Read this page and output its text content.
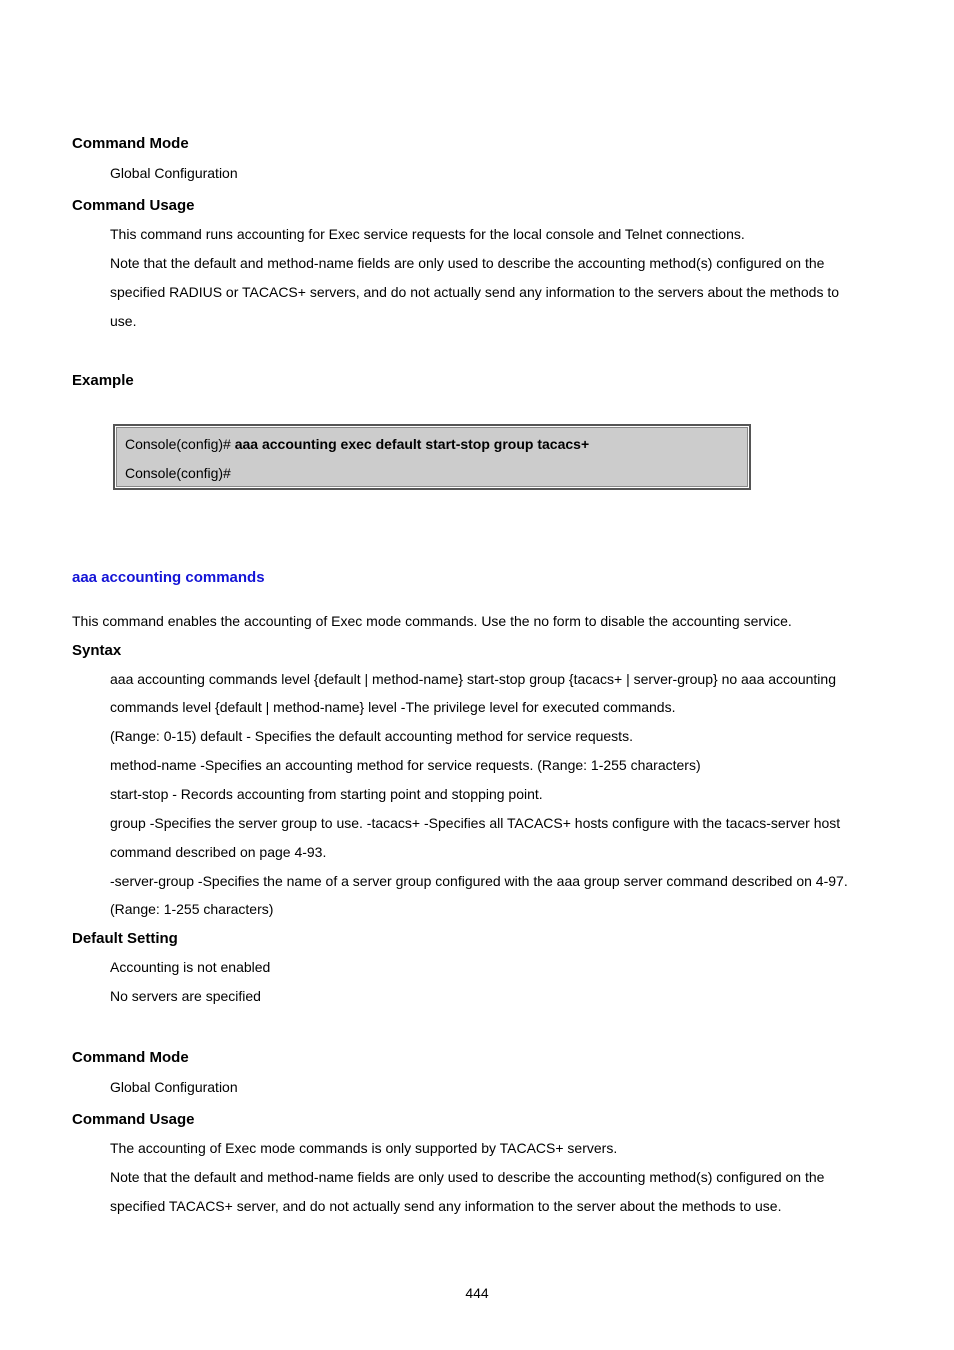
Command Mode
Global Configuration
Command Usage
This command runs accounting for Exec service requests for the local console and Telnet connections.
Note that the default and method-name fields are only used to describe the accounting method(s) configured on the
specified RADIUS or TACACS+ servers, and do not actually send any information to the servers about the methods to
use.
Example
Console(config)# aaa accounting exec default start-stop group tacacs+
Console(config)#
aaa accounting commands
This command enables the accounting of Exec mode commands. Use the no form to disable the accounting service.
Syntax
aaa accounting commands level {default | method-name} start-stop group {tacacs+ | server-group} no aaa accounting
commands level {default | method-name} level -The privilege level for executed commands.
(Range: 0-15) default - Specifies the default accounting method for service requests.
method-name -Specifies an accounting method for service requests. (Range: 1-255 characters)
start-stop - Records accounting from starting point and stopping point.
group -Specifies the server group to use. -tacacs+ -Specifies all TACACS+ hosts configure with the tacacs-server host
command described on page 4-93.
-server-group -Specifies the name of a server group configured with the aaa group server command described on 4-97.
(Range: 1-255 characters)
Default Setting
Accounting is not enabled
No servers are specified
Command Mode
Global Configuration
Command Usage
The accounting of Exec mode commands is only supported by TACACS+ servers.
Note that the default and method-name fields are only used to describe the accounting method(s) configured on the
specified TACACS+ server, and do not actually send any information to the server about the methods to use.
444
